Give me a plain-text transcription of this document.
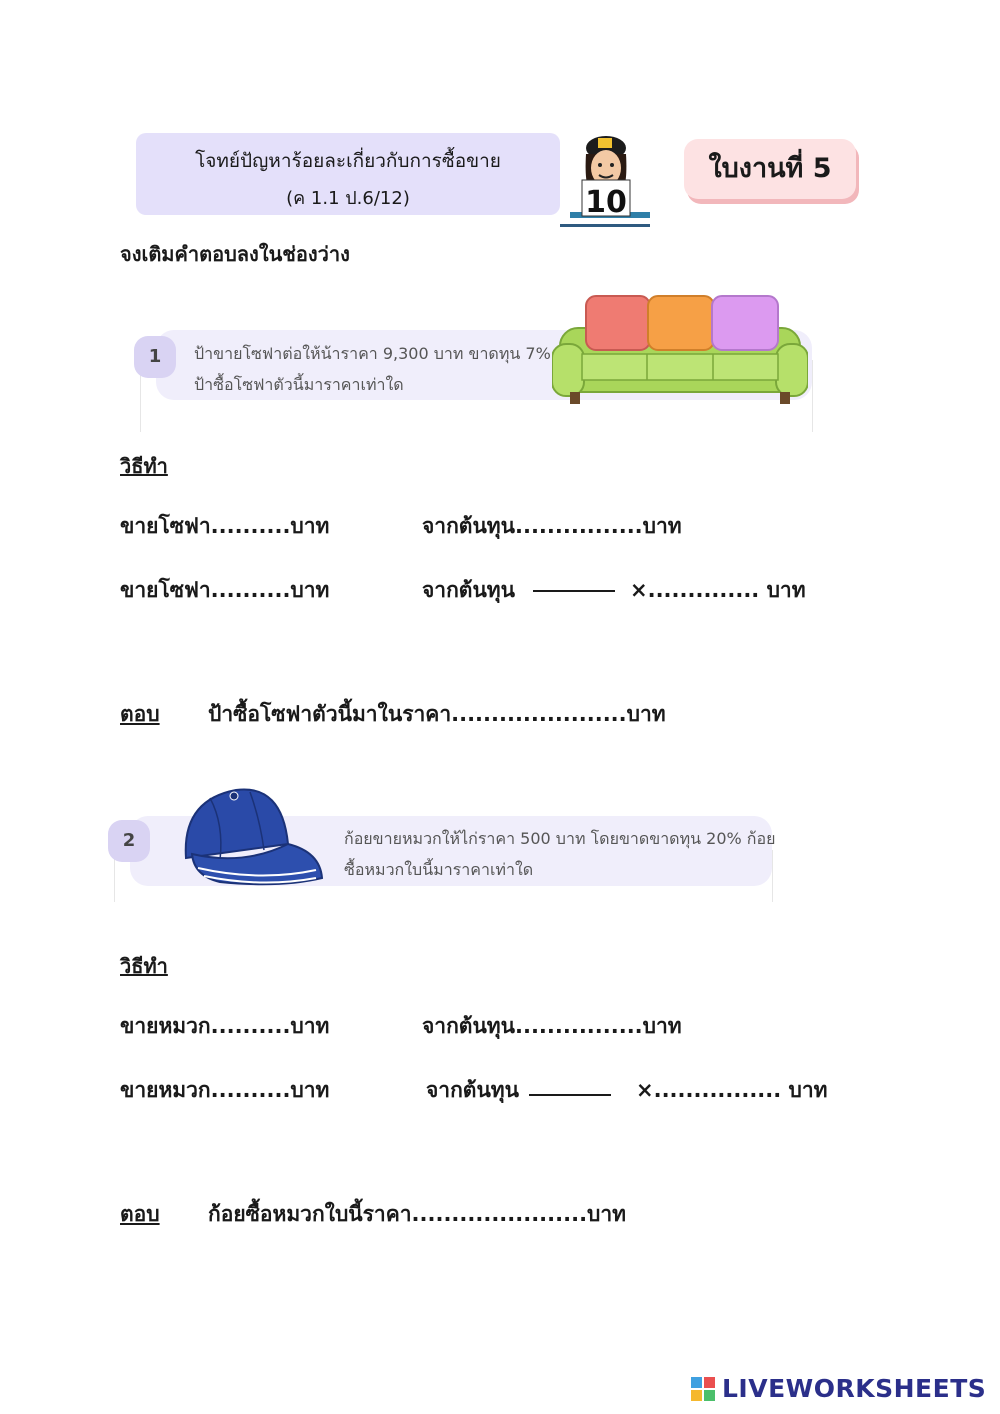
โจทย์ปัญหาร้อยละเกี่ยวกับการซื้อขาย
(ค 1.1 ป.6/12)	10
ใบงานที่ 5
จงเติมคำตอบลงในช่องว่าง
1	ป้าขายโซฟาต่อให้น้าราคา 9,300 บาท ขาดทุน 7%
ป้าซื้อโซฟาตัวนี้มาราคาเท่าใด
วิธีทำ
ขายโซฟา..........บาท	จากต้นทุน................บาท
ขายโซฟา..........บาท	จากต้นทุน	×.............. บาท
ตอบ ป้าซื้อโซฟาตัวนี้มาในราคา......................บาท
2	ก้อยขายหมวกให้ไก่ราคา 500 บาท โดยขาดขาดทุน 20% ก้อย
ซื้อหมวกใบนี้มาราคาเท่าใด
วิธีทำ
ขายหมวก..........บาท	จากต้นทุน................บาท
ขายหมวก..........บาท	จากต้นทุน	×................ บาท
ตอบ ก้อยซื้อหมวกใบนี้ราคา......................บาท
LIVEWORKSHEETS
